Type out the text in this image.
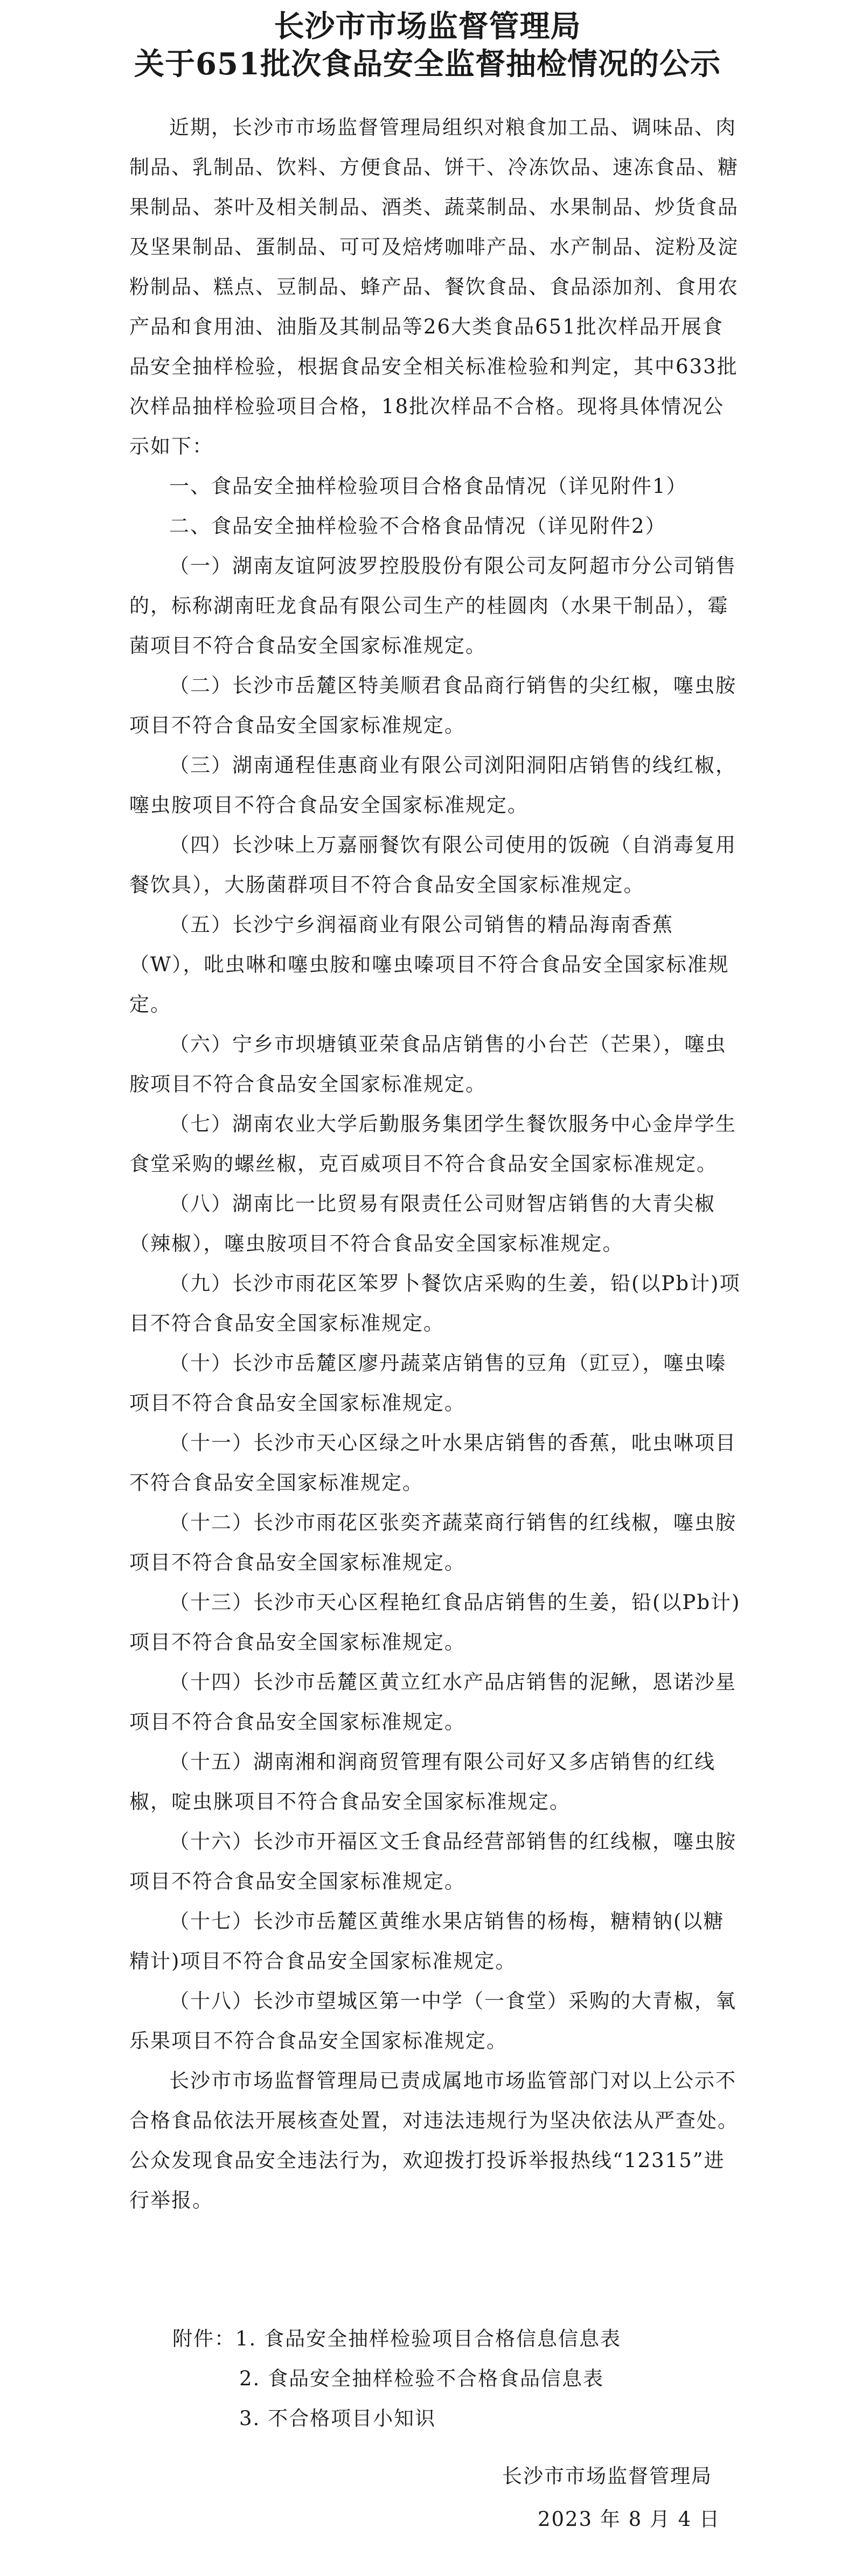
长沙市市场监督管理局
关于651批次食品安全监督抽检情况的公示

近期，长沙市市场监督管理局组织对粮食加工品、调味品、肉制品、乳制品、饮料、方便食品、饼干、冷冻饮品、速冻食品、糖果制品、茶叶及相关制品、酒类、蔬菜制品、水果制品、炒货食品及坚果制品、蛋制品、可可及焙烤咖啡产品、水产制品、淀粉及淀粉制品、糕点、豆制品、蜂产品、餐饮食品、食品添加剂、食用农产品和食用油、油脂及其制品等26大类食品651批次样品开展食品安全抽样检验，根据食品安全相关标准检验和判定，其中633批次样品抽样检验项目合格，18批次样品不合格。现将具体情况公示如下：

一、食品安全抽样检验项目合格食品情况（详见附件1）

二、食品安全抽样检验不合格食品情况（详见附件2）

（一）湖南友谊阿波罗控股股份有限公司友阿超市分公司销售的，标称湖南旺龙食品有限公司生产的桂圆肉（水果干制品），霉菌项目不符合食品安全国家标准规定。

（二）长沙市岳麓区特美顺君食品商行销售的尖红椒，噻虫胺项目不符合食品安全国家标准规定。

（三）湖南通程佳惠商业有限公司浏阳洞阳店销售的线红椒，噻虫胺项目不符合食品安全国家标准规定。

（四）长沙味上万嘉丽餐饮有限公司使用的饭碗（自消毒复用餐饮具），大肠菌群项目不符合食品安全国家标准规定。

（五）长沙宁乡润福商业有限公司销售的精品海南香蕉（W），吡虫啉和噻虫胺和噻虫嗪项目不符合食品安全国家标准规定。

（六）宁乡市坝塘镇亚荣食品店销售的小台芒（芒果），噻虫胺项目不符合食品安全国家标准规定。

（七）湖南农业大学后勤服务集团学生餐饮服务中心金岸学生食堂采购的螺丝椒，克百威项目不符合食品安全国家标准规定。

（八）湖南比一比贸易有限责任公司财智店销售的大青尖椒（辣椒），噻虫胺项目不符合食品安全国家标准规定。

（九）长沙市雨花区笨罗卜餐饮店采购的生姜，铅(以Pb计)项目不符合食品安全国家标准规定。

（十）长沙市岳麓区廖丹蔬菜店销售的豆角（豇豆），噻虫嗪项目不符合食品安全国家标准规定。

（十一）长沙市天心区绿之叶水果店销售的香蕉，吡虫啉项目不符合食品安全国家标准规定。

（十二）长沙市雨花区张奕齐蔬菜商行销售的红线椒，噻虫胺项目不符合食品安全国家标准规定。

（十三）长沙市天心区程艳红食品店销售的生姜，铅(以Pb计)项目不符合食品安全国家标准规定。

（十四）长沙市岳麓区黄立红水产品店销售的泥鳅，恩诺沙星项目不符合食品安全国家标准规定。

（十五）湖南湘和润商贸管理有限公司好又多店销售的红线椒，啶虫脒项目不符合食品安全国家标准规定。

（十六）长沙市开福区文壬食品经营部销售的红线椒，噻虫胺项目不符合食品安全国家标准规定。

（十七）长沙市岳麓区黄维水果店销售的杨梅，糖精钠(以糖精计)项目不符合食品安全国家标准规定。

（十八）长沙市望城区第一中学（一食堂）采购的大青椒，氧乐果项目不符合食品安全国家标准规定。

长沙市市场监督管理局已责成属地市场监管部门对以上公示不合格食品依法开展核查处置，对违法违规行为坚决依法从严查处。公众发现食品安全违法行为，欢迎拨打投诉举报热线“12315”进行举报。

附件：1. 食品安全抽样检验项目合格信息信息表
2. 食品安全抽样检验不合格食品信息表
3. 不合格项目小知识
长沙市市场监督管理局
2023 年 8 月 4 日
